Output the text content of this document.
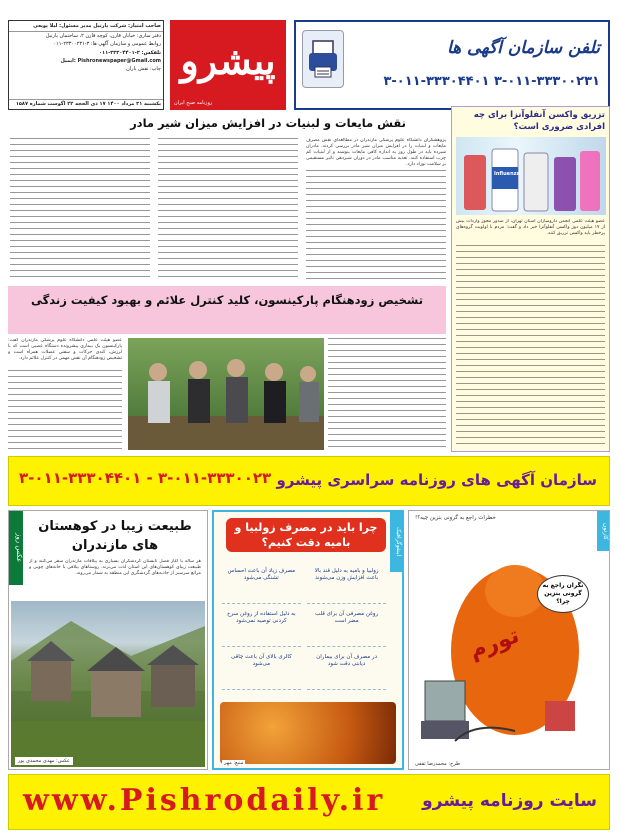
صاحب امتیاز: شرکت پارتیل مدیر مسئول: لیلا پویعی
دفتر ساری: خیابان قارن، کوچه قارن ۲، ساختمان پارتیل
روابط عمومی و سازمان آگهی ها: ۳-۲۳۳۰۰۲۳۱-۰۱۱
تلفکس: ۳-۳۳۳۰۴۴۰۱-۰۱۱
Pishronewspaper@Gmail.com :ایمیل
چاپ: نقش باران
یکشنبه ۳۱ مرداد ۱۴۰۰ ۱۷ ذی الحجه ۲۲ اگوست شماره ۱۵۸۷
پیشرو
روزنامه صبح ایران
تلفن سازمان آگهی ها
۳-۰۱۱-۳۳۳۰۰۲۳۱ ۳-۰۱۱-۳۳۳۰۴۴۰۱
تزریق واکسن آنفلوآنزا برای چه افرادی ضروری است؟
Influenza
عضو هیئت علمی انجمن داروسازان استان تهران، از صدور مجوز واردات بیش از ۱۷ میلیون دوز واکسن آنفلوآنزا خبر داد و گفت: مردم با اولویت گروه‌های پرخطر باید واکسن تزریق کنند.
نقش مایعات و لبنیات در افزایش میزان شیر مادر
پژوهشگران دانشگاه علوم پزشکی مازندران در مطالعه‌ای نقش مصرف مایعات و لبنیات را در افزایش میزان شیر مادر بررسی کردند. مادران شیرده باید در طول روز به اندازه کافی مایعات بنوشند و از لبنیات کم چرب استفاده کنند. تغذیه مناسب مادر در دوران شیردهی تاثیر مستقیمی بر سلامت نوزاد دارد.
تشخیص زودهنگام پارکینسون، کلید کنترل علائم و بهبود کیفیت زندگی
عضو هیئت علمی دانشگاه علوم پزشکی مازندران گفت: پارکینسون یک بیماری پیشرونده دستگاه عصبی است که با لرزش، کندی حرکات و سفتی عضلات همراه است و تشخیص زودهنگام آن نقش مهمی در کنترل علائم دارد.
سازمان آگهی های روزنامه سراسری پیشرو
۳-۰۱۱-۳۳۳۰۰۲۳ - ۳-۰۱۱-۳۳۳۰۴۴۰۱
عکس روز
طبیعت زیبا در کوهستان های مازندران
هر ساله با آغاز فصل تابستان گردشگران بسیاری به ییلاقات مازندران سفر می‌کنند و از طبیعت زیبای کوهستان‌های این استان لذت می‌برند. روستاهای ییلاقی با خانه‌های چوبی و مراتع سرسبز از جاذبه‌های گردشگری این منطقه به شمار می‌روند.
عکس: مهدی محمدی پور
اینفوگرافیک
چرا باید در مصرف زولبیا و بامیه دقت کنیم؟
زولبیا و بامیه به دلیل قند بالا باعث افزایش وزن می‌شوند
مصرف زیاد آن باعث احساس تشنگی می‌شود
روغن مصرفی آن برای قلب مضر است
به دلیل استفاده از روغن سرخ کردنی توصیه نمی‌شود
در مصرف آن برای بیماران دیابتی دقت شود
کالری بالای آن باعث چاقی می‌شود
منبع: مهر
کارتون
خطرات راجع به گرونی بنزین چیه؟!
تورم
نگران راجع به گرونی بنزین چرا؟
طرح: محمدرضا ثقفی
www.Pishrodaily.ir سایت روزنامه پیشرو
